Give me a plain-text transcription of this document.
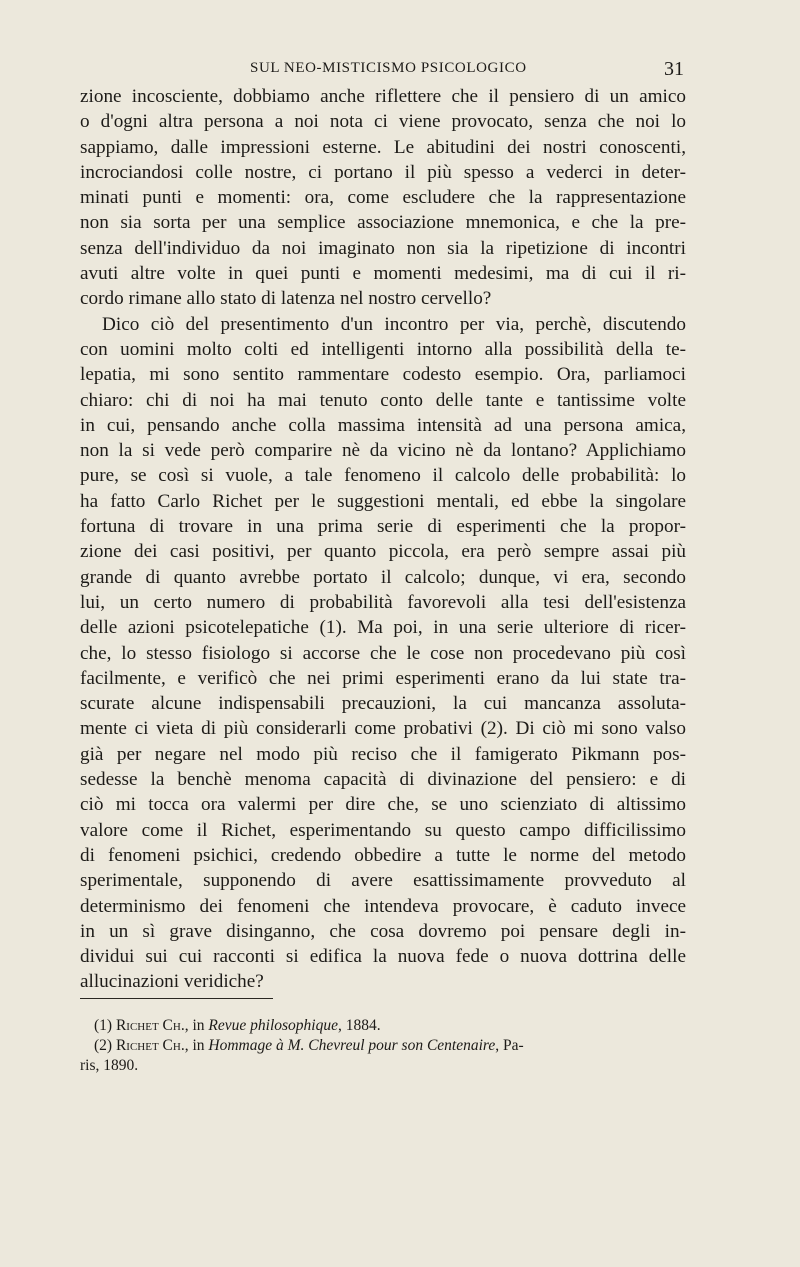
SUL NEO-MISTICISMO PSICOLOGICO	31
zione incosciente, dobbiamo anche riflettere che il pensiero di un amico
o d'ogni altra persona a noi nota ci viene provocato, senza che noi lo
sappiamo, dalle impressioni esterne. Le abitudini dei nostri conoscenti,
incrociandosi colle nostre, ci portano il più spesso a vederci in deter-
minati punti e momenti: ora, come escludere che la rappresentazione
non sia sorta per una semplice associazione mnemonica, e che la pre-
senza dell'individuo da noi imaginato non sia la ripetizione di incontri
avuti altre volte in quei punti e momenti medesimi, ma di cui il ri-
cordo rimane allo stato di latenza nel nostro cervello?
Dico ciò del presentimento d'un incontro per via, perchè, discutendo
con uomini molto colti ed intelligenti intorno alla possibilità della te-
lepatia, mi sono sentito rammentare codesto esempio. Ora, parliamoci
chiaro: chi di noi ha mai tenuto conto delle tante e tantissime volte
in cui, pensando anche colla massima intensità ad una persona amica,
non la si vede però comparire nè da vicino nè da lontano? Applichiamo
pure, se così si vuole, a tale fenomeno il calcolo delle probabilità: lo
ha fatto Carlo Richet per le suggestioni mentali, ed ebbe la singolare
fortuna di trovare in una prima serie di esperimenti che la propor-
zione dei casi positivi, per quanto piccola, era però sempre assai più
grande di quanto avrebbe portato il calcolo; dunque, vi era, secondo
lui, un certo numero di probabilità favorevoli alla tesi dell'esistenza
delle azioni psicotelepatiche (1). Ma poi, in una serie ulteriore di ricer-
che, lo stesso fisiologo si accorse che le cose non procedevano più così
facilmente, e verificò che nei primi esperimenti erano da lui state tra-
scurate alcune indispensabili precauzioni, la cui mancanza assoluta-
mente ci vieta di più considerarli come probativi (2). Di ciò mi sono valso
già per negare nel modo più reciso che il famigerato Pikmann pos-
sedesse la benchè menoma capacità di divinazione del pensiero: e di
ciò mi tocca ora valermi per dire che, se uno scienziato di altissimo
valore come il Richet, esperimentando su questo campo difficilissimo
di fenomeni psichici, credendo obbedire a tutte le norme del metodo
sperimentale, supponendo di avere esattissimamente provveduto al
determinismo dei fenomeni che intendeva provocare, è caduto invece
in un sì grave disinganno, che cosa dovremo poi pensare degli in-
dividui sui cui racconti si edifica la nuova fede o nuova dottrina delle
allucinazioni veridiche?
(1) Richet Ch., in Revue philosophique, 1884.
(2) Richet Ch., in Hommage à M. Chevreul pour son Centenaire, Pa-
ris, 1890.
